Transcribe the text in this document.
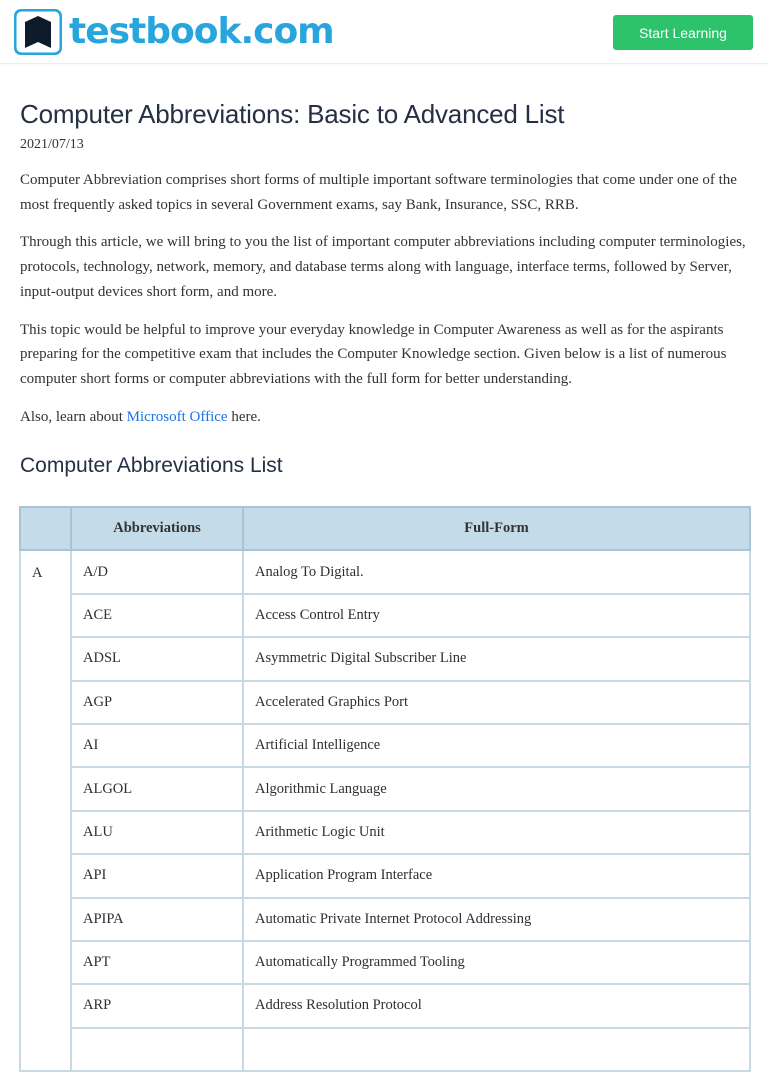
testbook.com	Start Learning
Computer Abbreviations: Basic to Advanced List
2021/07/13

Computer Abbreviation comprises short forms of multiple important software terminologies that come under one of the most frequently asked topics in several Government exams, say Bank, Insurance, SSC, RRB.

Through this article, we will bring to you the list of important computer abbreviations including computer terminologies, protocols, technology, network, memory, and database terms along with language, interface terms, followed by Server, input-output devices short form, and more.

This topic would be helpful to improve your everyday knowledge in Computer Awareness as well as for the aspirants preparing for the competitive exam that includes the Computer Knowledge section. Given below is a list of numerous computer short forms or computer abbreviations with the full form for better understanding.

Also, learn about Microsoft Office here.

Computer Abbreviations List
	Abbreviations	Full-Form
A	A/D	Analog To Digital.
	ACE	Access Control Entry
	ADSL	Asymmetric Digital Subscriber Line
	AGP	Accelerated Graphics Port
	AI	Artificial Intelligence
	ALGOL	Algorithmic Language
	ALU	Arithmetic Logic Unit
	API	Application Program Interface
	APIPA	Automatic Private Internet Protocol Addressing
	APT	Automatically Programmed Tooling
	ARP	Address Resolution Protocol
